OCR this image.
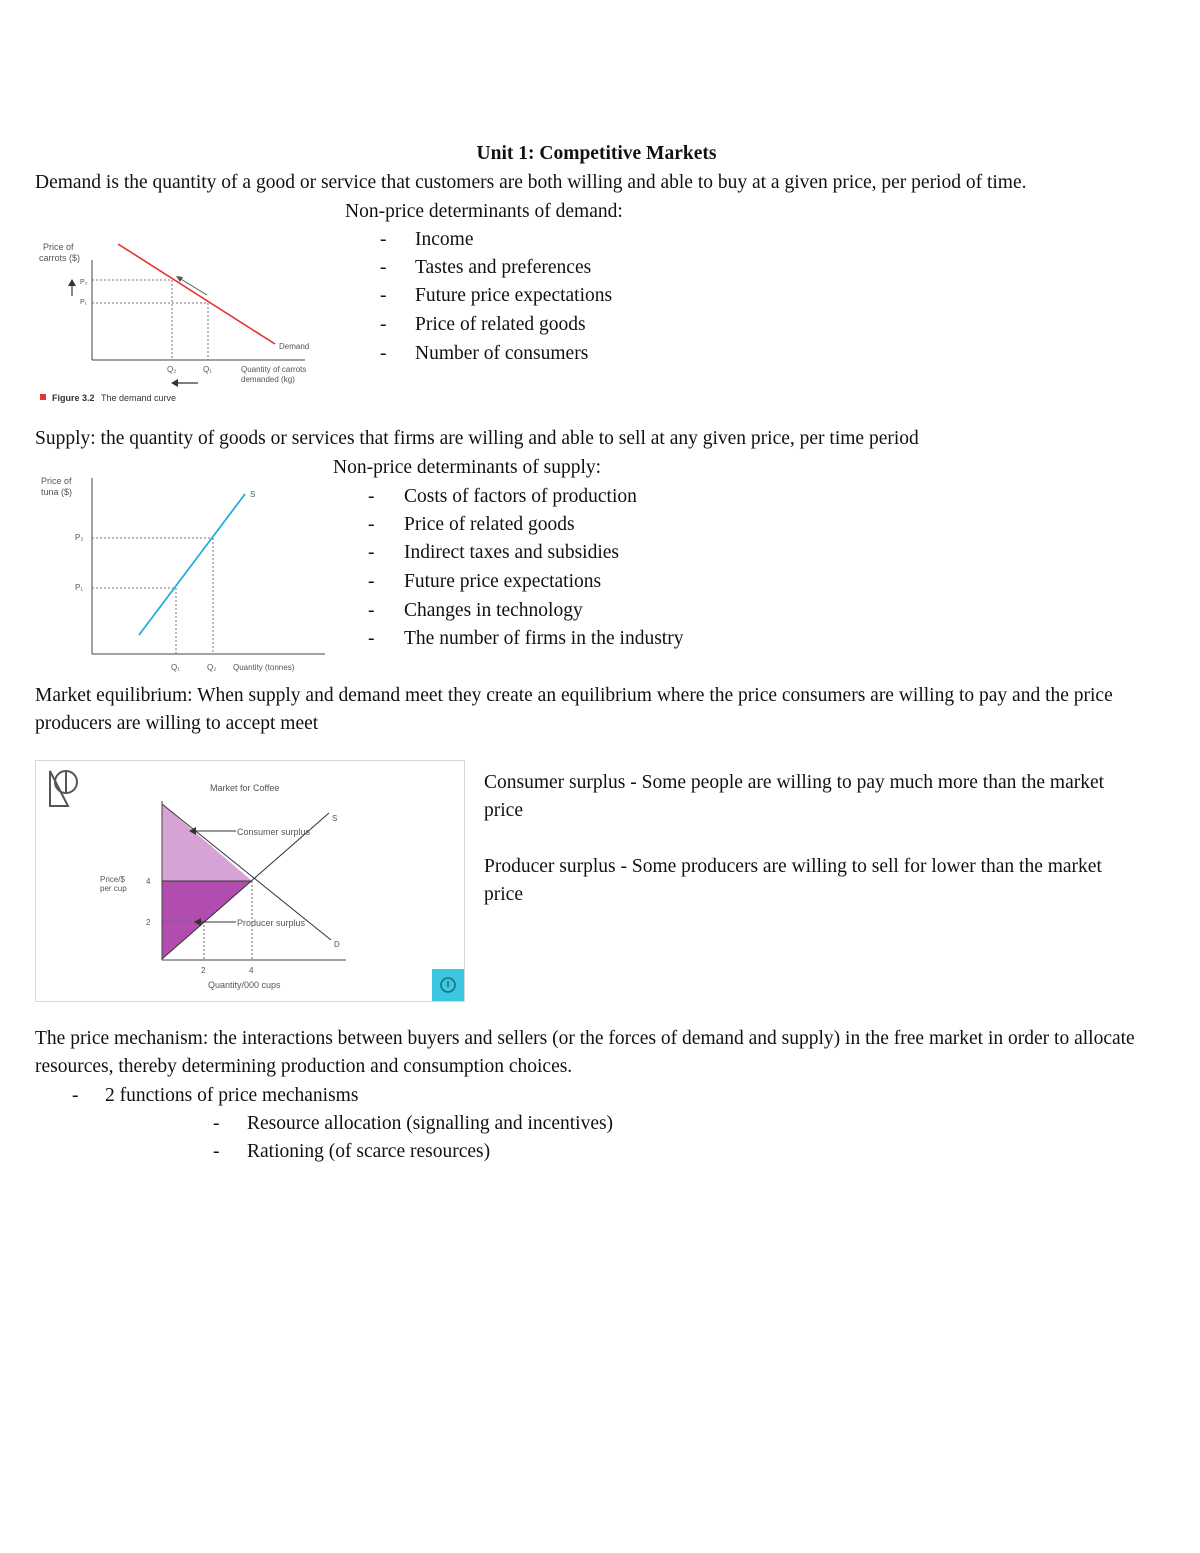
Unit 1: Competitive Markets
Demand is the quantity of a good or service that customers are both willing and able to buy at a given price, per period of time.
Non-price determinants of demand:
- Income
- Tastes and preferences
- Future price expectations
- Price of related goods
- Number of consumers
Price of
carrots ($)
P₂
P₁
Demand
Q₂	Q₁	Quantity of carrots
demanded (kg)
Figure 3.2 The demand curve
Supply: the quantity of goods or services that firms are willing and able to sell at any given price, per time period
Non-price determinants of supply:
- Costs of factors of production
- Price of related goods
- Indirect taxes and subsidies
- Future price expectations
- Changes in technology
- The number of firms in the industry
Price of
tuna ($)
P₂
P₁
S
Q₁	Q₂ Quantity (tonnes)
Market equilibrium: When supply and demand meet they create an equilibrium where the price consumers are willing to pay and the price producers are willing to accept meet
Market for Coffee
Consumer surplus
Producer surplus
S
D
Price/$
per cup
4
2
2	4
Quantity/000 cups
Consumer surplus - Some people are willing to pay much more than the market price
Producer surplus - Some producers are willing to sell for lower than the market price
The price mechanism: the interactions between buyers and sellers (or the forces of demand and supply) in the free market in order to allocate resources, thereby determining production and consumption choices.
- 2 functions of price mechanisms
- Resource allocation (signalling and incentives)
- Rationing (of scarce resources)
